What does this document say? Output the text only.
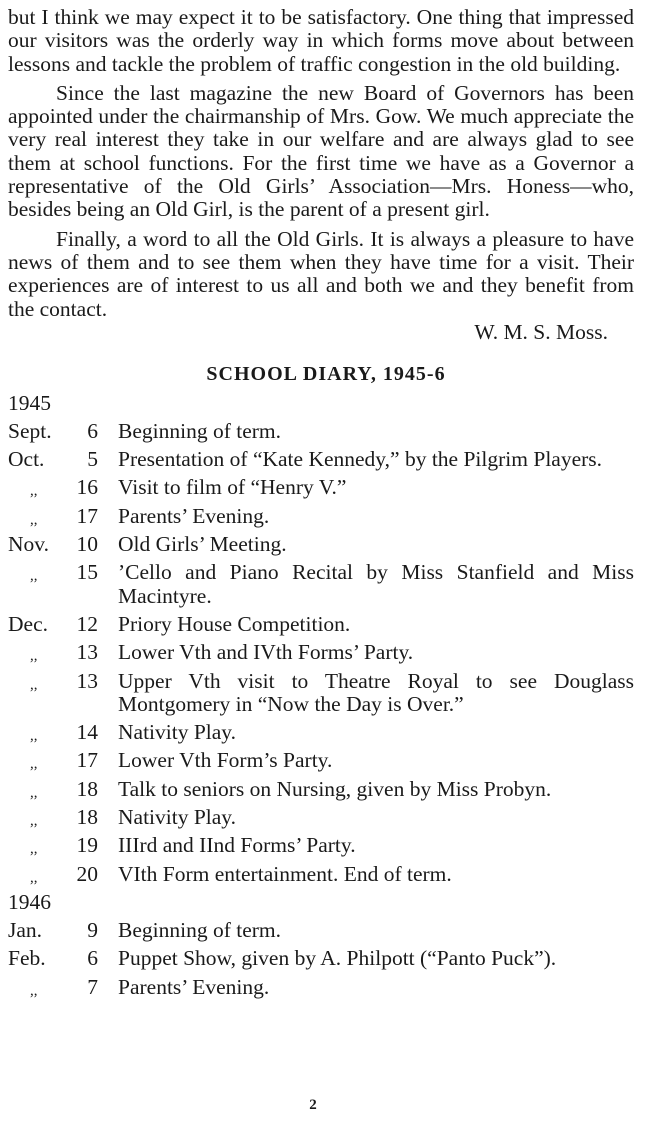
but I think we may expect it to be satisfactory. One thing that impressed our visitors was the orderly way in which forms move about between lessons and tackle the problem of traffic congestion in the old building.

Since the last magazine the new Board of Governors has been appointed under the chairmanship of Mrs. Gow. We much appreciate the very real interest they take in our welfare and are always glad to see them at school functions. For the first time we have as a Governor a representative of the Old Girls’ Association—Mrs. Honess—who, besides being an Old Girl, is the parent of a present girl.

Finally, a word to all the Old Girls. It is always a pleasure to have news of them and to see them when they have time for a visit. Their experiences are of interest to us all and both we and they benefit from the contact.

W. M. S. Moss.
SCHOOL DIARY, 1945-6
1945
Sept.	6 Beginning of term.
Oct.	5 Presentation of “Kate Kennedy,” by the Pilgrim Players.
,,	16 Visit to film of “Henry V.”
,,	17 Parents’ Evening.
Nov.	10 Old Girls’ Meeting.
,,	15 ’Cello and Piano Recital by Miss Stanfield and Miss Macintyre.
Dec.	12 Priory House Competition.
,,	13 Lower Vth and IVth Forms’ Party.
,,	13 Upper Vth visit to Theatre Royal to see Douglass Montgomery in “Now the Day is Over.”
,,	14 Nativity Play.
,,	17 Lower Vth Form’s Party.
,,	18 Talk to seniors on Nursing, given by Miss Probyn.
,,	18 Nativity Play.
,,	19 IIIrd and IInd Forms’ Party.
,,	20 VIth Form entertainment. End of term.
1946
Jan.	9 Beginning of term.
Feb.	6 Puppet Show, given by A. Philpott (“Panto Puck”).
,,	7 Parents’ Evening.
2
